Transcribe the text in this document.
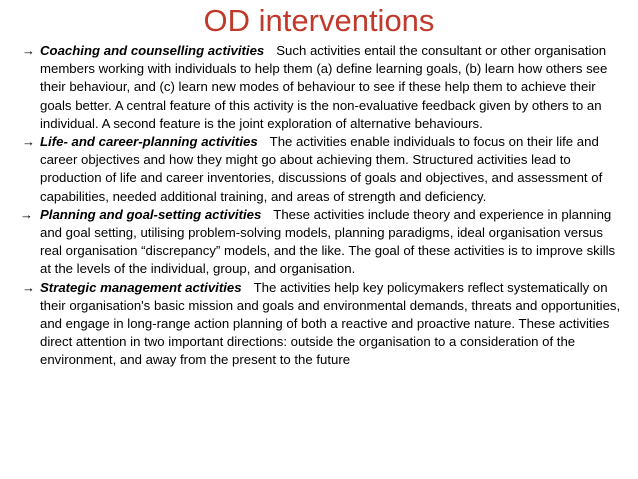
OD interventions
→ Coaching and counselling activities Such activities entail the consultant or other organisation members working with individuals to help them (a) define learning goals, (b) learn how others see their behaviour, and (c) learn new modes of behaviour to see if these help them to achieve their goals better. A central feature of this activity is the non-evaluative feedback given by others to an individual. A second feature is the joint exploration of alternative behaviours.
→ Life- and career-planning activities The activities enable individuals to focus on their life and career objectives and how they might go about achieving them. Structured activities lead to production of life and career inventories, discussions of goals and objectives, and assessment of capabilities, needed additional training, and areas of strength and deficiency.
→ Planning and goal-setting activities These activities include theory and experience in planning and goal setting, utilising problem-solving models, planning paradigms, ideal organisation versus real organisation “discrepancy” models, and the like. The goal of these activities is to improve skills at the levels of the individual, group, and organisation.
→ Strategic management activities The activities help key policymakers reflect systematically on their organisation's basic mission and goals and environmental demands, threats and opportunities, and engage in long-range action planning of both a reactive and proactive nature. These activities direct attention in two important directions: outside the organisation to a consideration of the environment, and away from the present to the future
